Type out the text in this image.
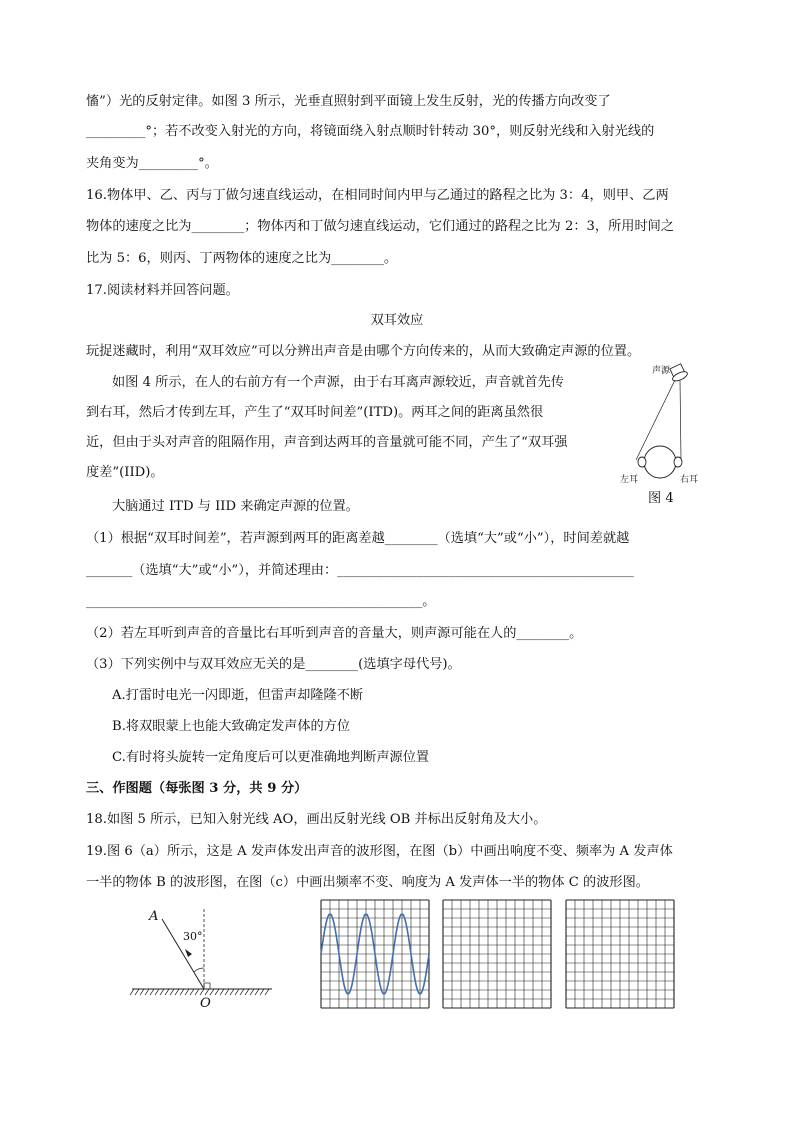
慉”）光的反射定律。如图 3 所示，光垂直照射到平面镜上发生反射，光的传播方向改变了
_________°；若不改变入射光的方向，将镜面绕入射点顺时针转动 30°，则反射光线和入射光线的
夹角变为_________°。
16.物体甲、乙、丙与丁做匀速直线运动，在相同时间内甲与乙通过的路程之比为 3：4，则甲、乙两
物体的速度之比为________；物体丙和丁做匀速直线运动，它们通过的路程之比为 2：3，所用时间之
比为 5：6，则丙、丁两物体的速度之比为________。
17.阅读材料并回答问题。
双耳效应
玩捉迷藏时，利用“双耳效应”可以分辨出声音是由哪个方向传来的，从而大致确定声源的位置。
如图 4 所示，在人的右前方有一个声源，由于右耳离声源较近，声音就首先传
到右耳，然后才传到左耳，产生了“双耳时间差”(ITD)。两耳之间的距离虽然很
近，但由于头对声音的阻隔作用，声音到达两耳的音量就可能不同，产生了“双耳强
度差”(IID)。
大脑通过 ITD 与 IID 来确定声源的位置。
（1）根据“双耳时间差”，若声源到两耳的距离差越________（选填“大”或“小”），时间差就越
_______（选填“大”或“小”），并简述理由：_____________________________________________
___________________________________________________。
（2）若左耳听到声音的音量比右耳听到声音的音量大，则声源可能在人的________。
（3）下列实例中与双耳效应无关的是________(选填字母代号)。
A.打雷时电光一闪即逝，但雷声却隆隆不断
B.将双眼蒙上也能大致确定发声体的方位
C.有时将头旋转一定角度后可以更准确地判断声源位置
三、作图题（每张图 3 分，共 9 分）
18.如图 5 所示，已知入射光线 AO，画出反射光线 OB 并标出反射角及大小。
19.图 6（a）所示，这是 A 发声体发出声音的波形图，在图（b）中画出响度不变、频率为 A 发声体
一半的物体 B 的波形图，在图（c）中画出频率不变、响度为 A 发声体一半的物体 C 的波形图。
声源
左耳	右耳
图 4
A
30°
O
